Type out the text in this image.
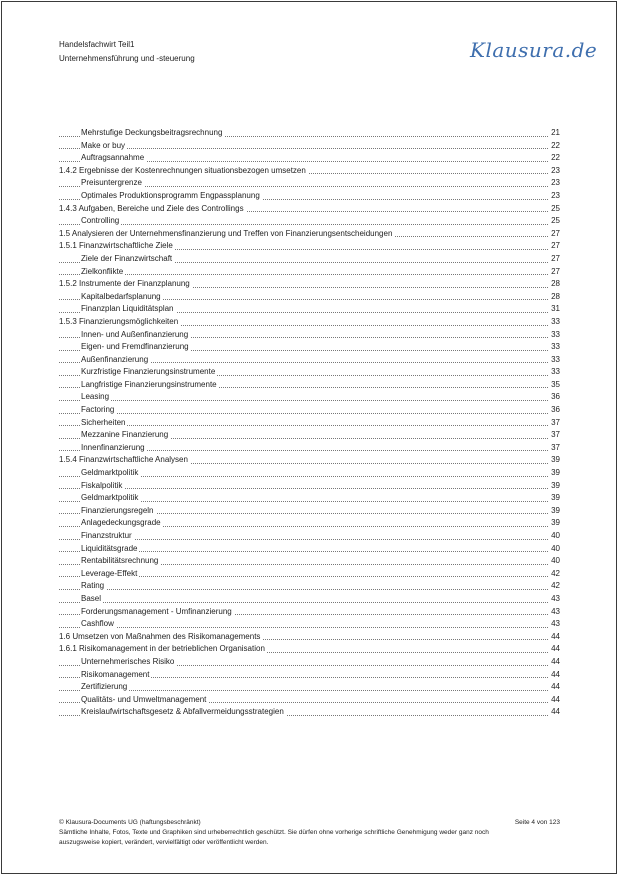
Handelsfachwirt Teil1
Unternehmensführung und -steuerung	Klausura.de
Mehrstufige Deckungsbeitragsrechnung	21
Make or buy	22
Auftragsannahme	22
1.4.2 Ergebnisse der Kostenrechnungen situationsbezogen umsetzen	23
Preisuntergrenze	23
Optimales Produktionsprogramm Engpassplanung	23
1.4.3 Aufgaben, Bereiche und Ziele des Controllings	25
Controlling	25
1.5 Analysieren der Unternehmensfinanzierung und Treffen von Finanzierungsentscheidungen	27
1.5.1 Finanzwirtschaftliche Ziele	27
Ziele der Finanzwirtschaft	27
Zielkonflikte	27
1.5.2 Instrumente der Finanzplanung	28
Kapitalbedarfsplanung	28
Finanzplan Liquiditätsplan	31
1.5.3 Finanzierungsmöglichkeiten	33
Innen- und Außenfinanzierung	33
Eigen- und Fremdfinanzierung	33
Außenfinanzierung	33
Kurzfristige Finanzierungsinstrumente	33
Langfristige Finanzierungsinstrumente	35
Leasing	36
Factoring	36
Sicherheiten	37
Mezzanine Finanzierung	37
Innenfinanzierung	37
1.5.4 Finanzwirtschaftliche Analysen	39
Geldmarktpolitik	39
Fiskalpolitik	39
Geldmarktpolitik	39
Finanzierungsregeln	39
Anlagedeckungsgrade	39
Finanzstruktur	40
Liquiditätsgrade	40
Rentabilitätsrechnung	40
Leverage-Effekt	42
Rating	42
Basel	43
Forderungsmanagement - Umfinanzierung	43
Cashflow	43
1.6 Umsetzen von Maßnahmen des Risikomanagements	44
1.6.1 Risikomanagement in der betrieblichen Organisation	44
Unternehmerisches Risiko	44
Risikomanagement	44
Zertifizierung	44
Qualitäts- und Umweltmanagement	44
Kreislaufwirtschaftsgesetz & Abfallvermeidungsstrategien	44
© Klausura-Documents UG (haftungsbeschränkt)	Seite 4 von 123
Sämtliche Inhalte, Fotos, Texte und Graphiken sind urheberrechtlich geschützt. Sie dürfen ohne vorherige schriftliche Genehmigung weder ganz noch
auszugsweise kopiert, verändert, vervielfältigt oder veröffentlicht werden.
